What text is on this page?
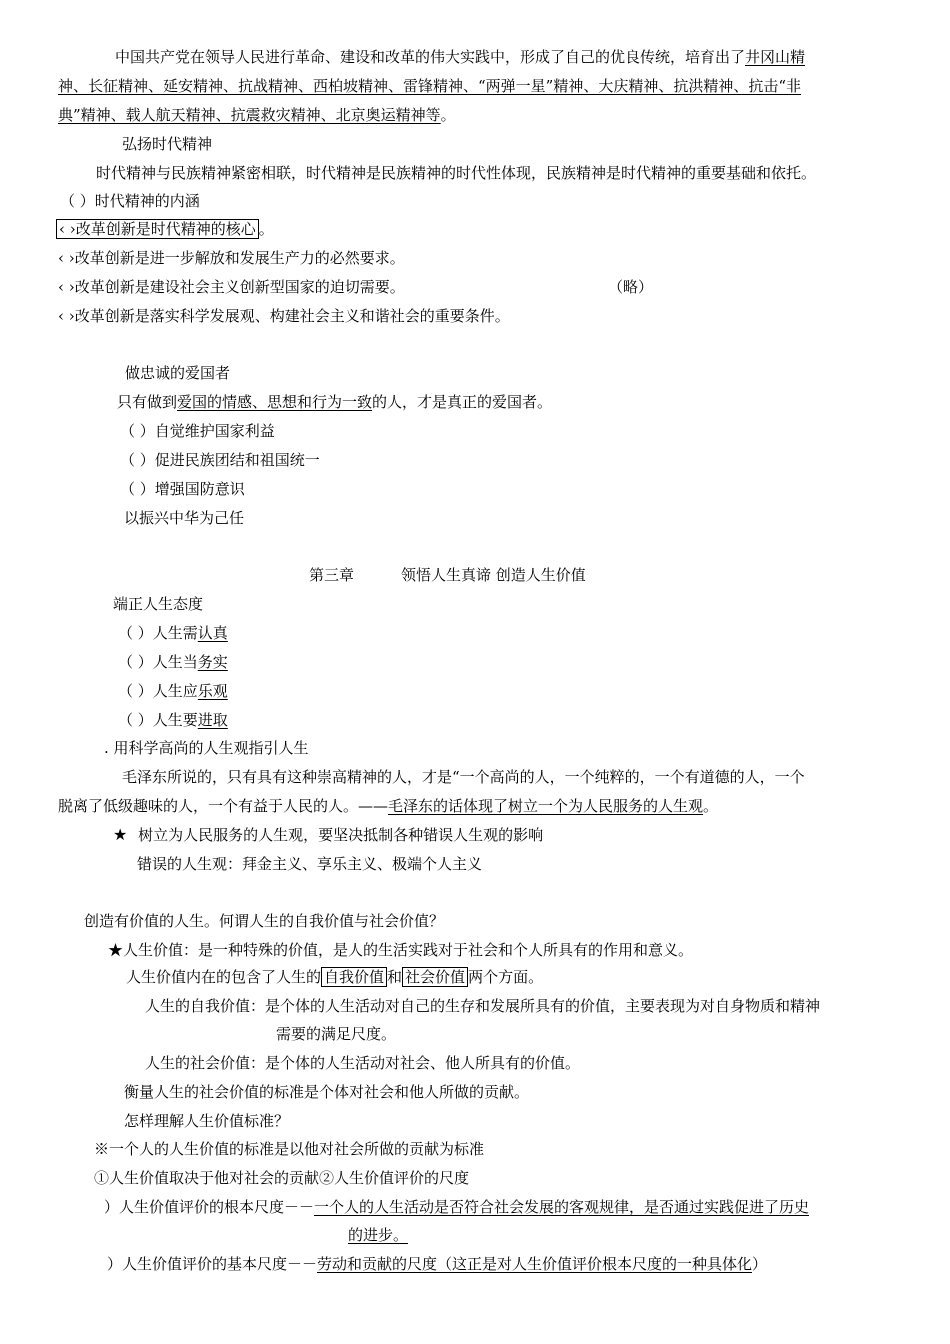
中国共产党在领导人民进行革命、建设和改革的伟大实践中，形成了自己的优良传统，培育出了井冈山精
神、长征精神、延安精神、抗战精神、西柏坡精神、雷锋精神、“两弹一星”精神、大庆精神、抗洪精神、抗击“非
典”精神、载人航天精神、抗震救灾精神、北京奥运精神等。
弘扬时代精神
时代精神与民族精神紧密相联，时代精神是民族精神的时代性体现，民族精神是时代精神的重要基础和依托。
（ ）时代精神的内涵
‹ ›改革创新是时代精神的核心 。
‹ ›改革创新是进一步解放和发展生产力的必然要求。
‹ ›改革创新是建设社会主义创新型国家的迫切需要。	（略）
‹ ›改革创新是落实科学发展观、构建社会主义和谐社会的重要条件。
做忠诚的爱国者
只有做到爱国的情感、思想和行为一致的人，才是真正的爱国者。
（ ）自觉维护国家利益
（ ）促进民族团结和祖国统一
（ ）增强国防意识
以振兴中华为己任
第三章	领悟人生真谛 创造人生价值
端正人生态度
（ ）人生需认真
（ ）人生当务实
（ ）人生应乐观
（ ）人生要进取
. 用科学高尚的人生观指引人生
毛泽东所说的，只有具有这种崇高精神的人，才是“一个高尚的人，一个纯粹的，一个有道德的人，一个
脱离了低级趣味的人，一个有益于人民的人。——毛泽东的话体现了树立一个为人民服务的人生观。
★ 树立为人民服务的人生观，要坚决抵制各种错误人生观的影响
错误的人生观：拜金主义、享乐主义、极端个人主义
创造有价值的人生。何谓人生的自我价值与社会价值？
★人生价值：是一种特殊的价值，是人的生活实践对于社会和个人所具有的作用和意义。
人生价值内在的包含了人生的 自我价值 和 社会价值 两个方面。
人生的自我价值：是个体的人生活动对自己的生存和发展所具有的价值，主要表现为对自身物质和精神
需要的满足尺度。
人生的社会价值：是个体的人生活动对社会、他人所具有的价值。
衡量人生的社会价值的标准是个体对社会和他人所做的贡献。
怎样理解人生价值标准？
※一个人的人生价值的标准是以他对社会所做的贡献为标准
①人生价值取决于他对社会的贡献②人生价值评价的尺度
）人生价值评价的根本尺度－－一个人的人生活动是否符合社会发展的客观规律，是否通过实践促进了历史
的进步。
）人生价值评价的基本尺度－－劳动和贡献的尺度（这正是对人生价值评价根本尺度的一种具体化）
